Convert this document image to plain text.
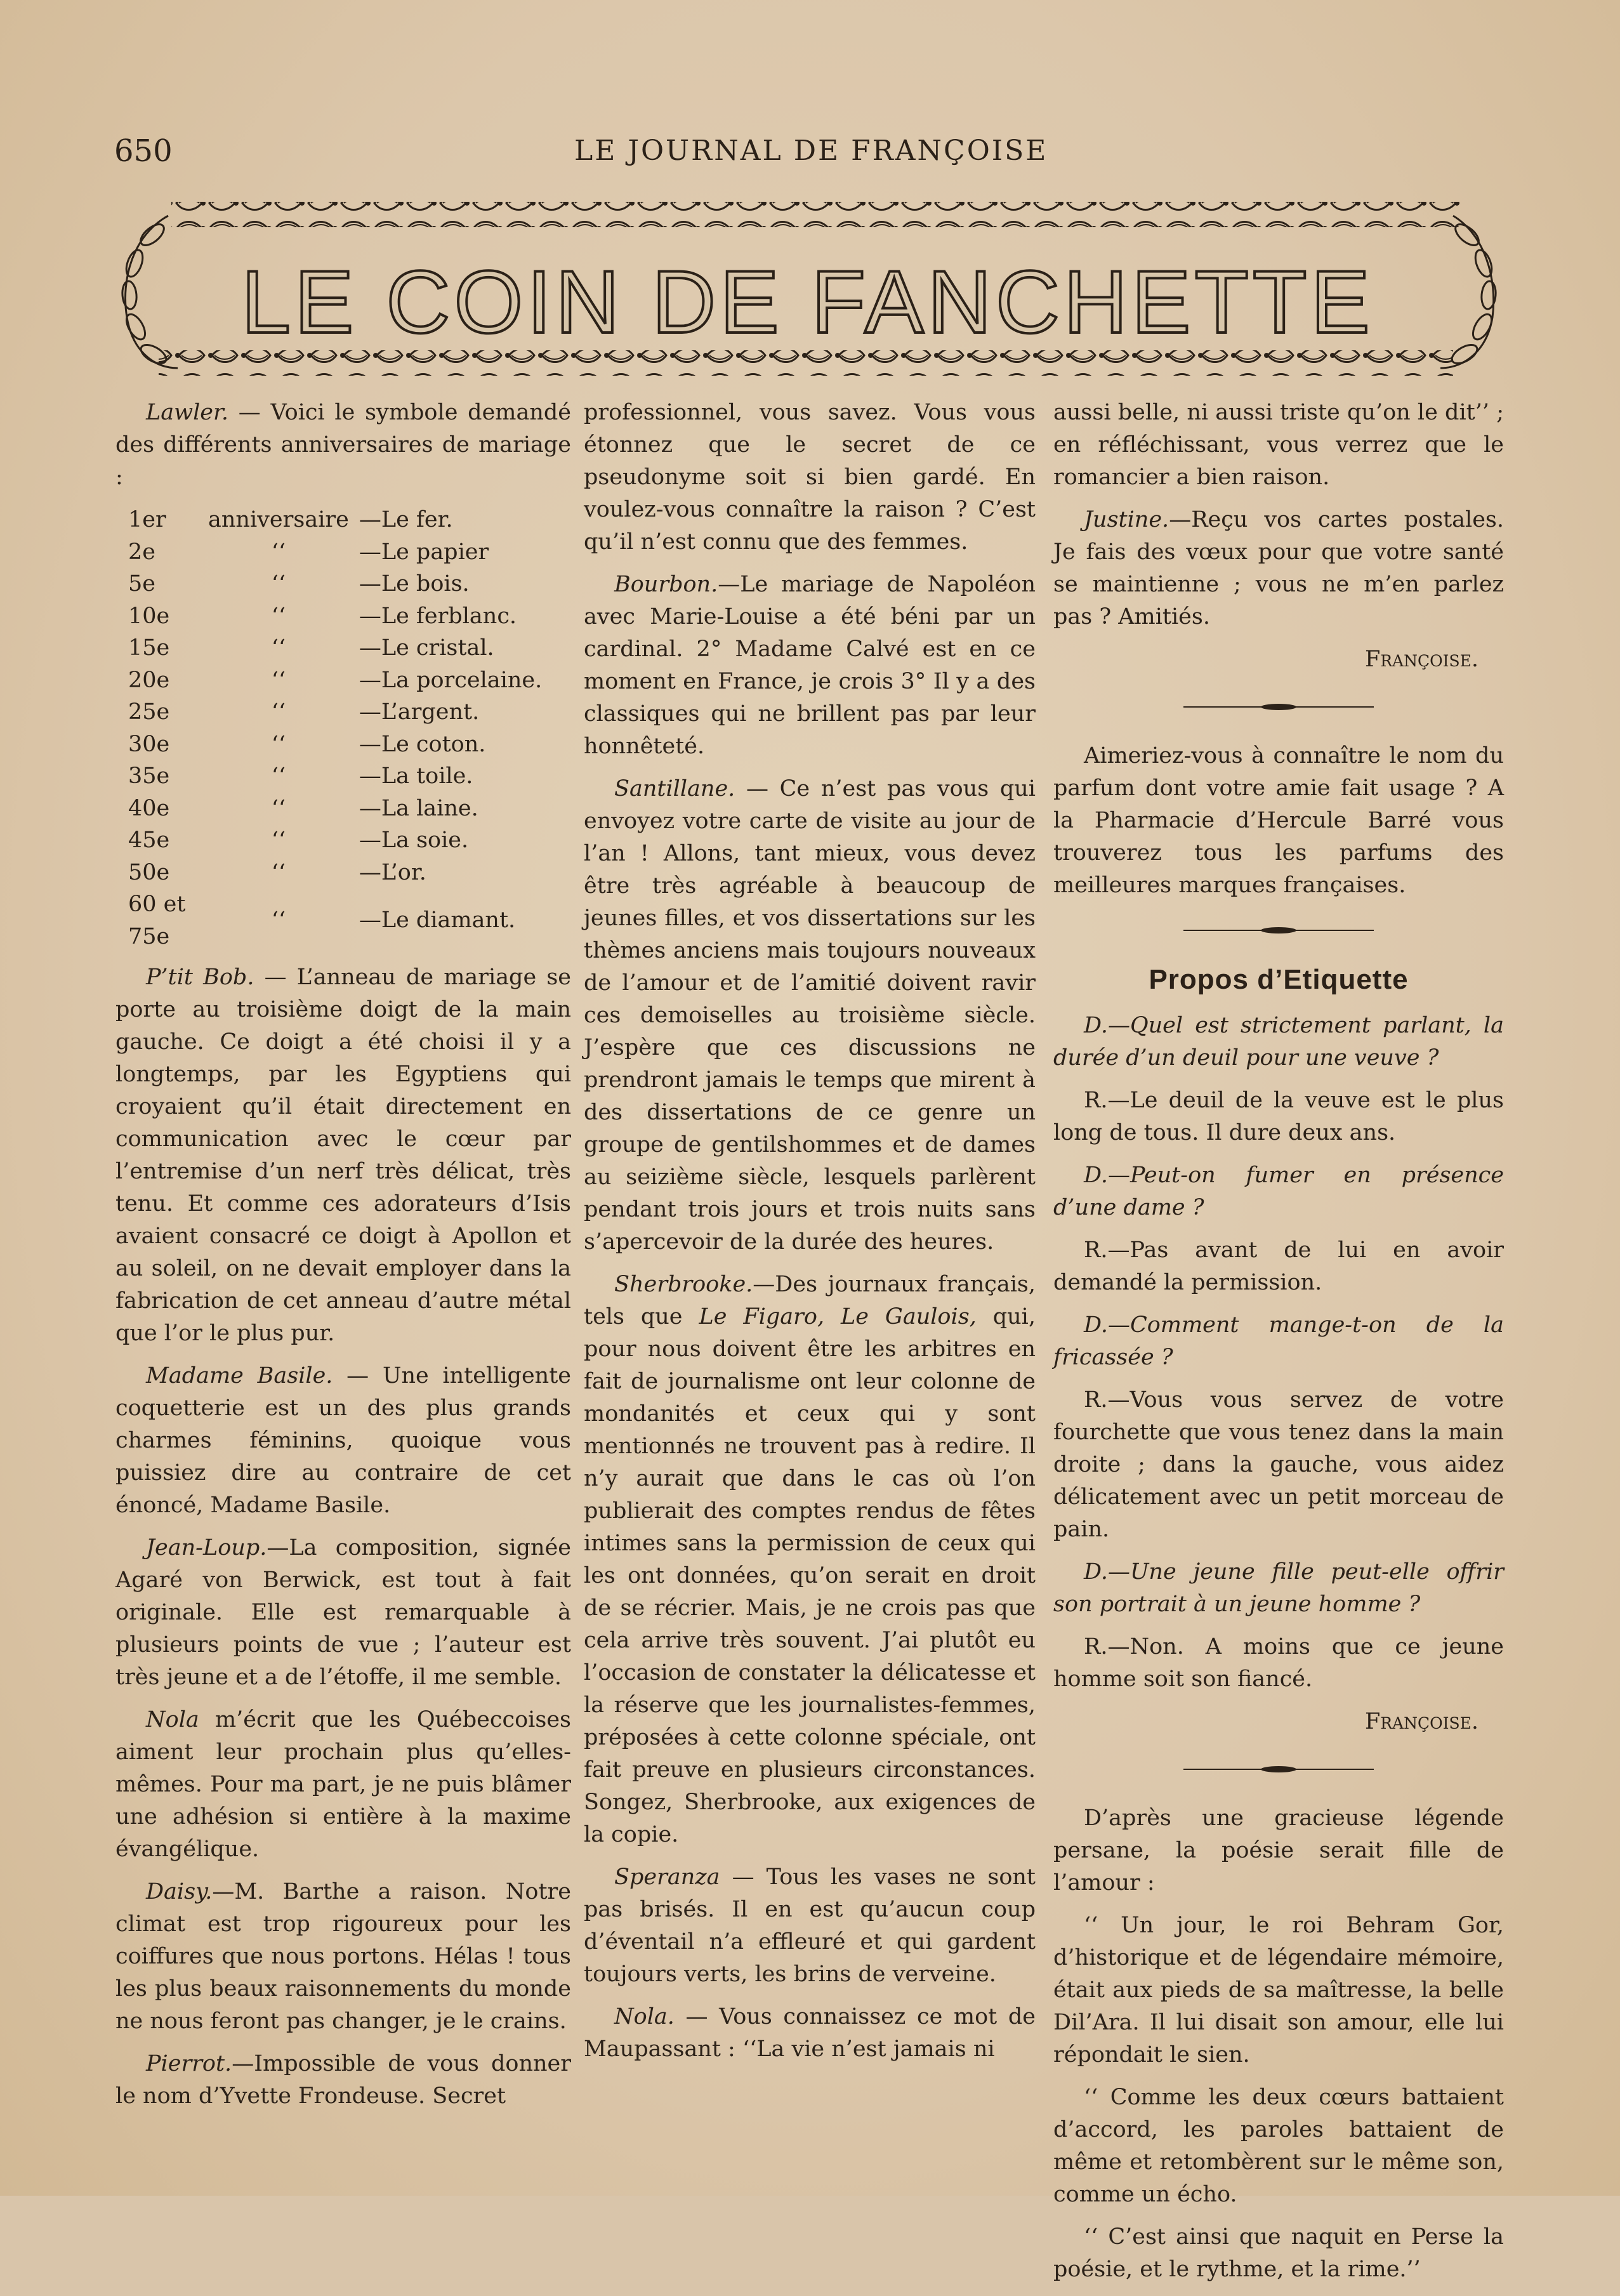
650	LE JOURNAL DE FRANÇOISE
LE COIN DE FANCHETTE

Lawler. — Voici le symbole demandé des différents anniversaires de mariage :

1er	anniversaire	—Le fer.
2e	‘‘	—Le papier
5e	‘‘	—Le bois.
10e	‘‘	—Le ferblanc.
15e	‘‘	—Le cristal.
20e	‘‘	—La porcelaine.
25e	‘‘	—L’argent.
30e	‘‘	—Le coton.
35e	‘‘	—La toile.
40e	‘‘	—La laine.
45e	‘‘	—La soie.
50e	‘‘	—L’or.
60 et 75e	‘‘	—Le diamant.

P’tit Bob. — L’anneau de mariage se porte au troisième doigt de la main gauche. Ce doigt a été choisi il y a longtemps, par les Egyptiens qui croyaient qu’il était directement en communication avec le cœur par l’entremise d’un nerf très délicat, très tenu. Et comme ces adorateurs d’Isis avaient consacré ce doigt à Apollon et au soleil, on ne devait employer dans la fabrication de cet anneau d’autre métal que l’or le plus pur.

Madame Basile. — Une intelligente coquetterie est un des plus grands charmes féminins, quoique vous puissiez dire au contraire de cet énoncé, Madame Basile.

Jean-Loup.—La composition, signée Agaré von Berwick, est tout à fait originale. Elle est remarquable à plusieurs points de vue ; l’auteur est très jeune et a de l’étoffe, il me semble.

Nola m’écrit que les Québeccoises aiment leur prochain plus qu’elles-mêmes. Pour ma part, je ne puis blâmer une adhésion si entière à la maxime évangélique.

Daisy.—M. Barthe a raison. Notre climat est trop rigoureux pour les coiffures que nous portons. Hélas ! tous les plus beaux raisonnements du monde ne nous feront pas changer, je le crains.

Pierrot.—Impossible de vous donner le nom d’Yvette Frondeuse. Secret

professionnel, vous savez. Vous vous étonnez que le secret de ce pseudonyme soit si bien gardé. En voulez-vous connaître la raison ? C’est qu’il n’est connu que des femmes.

Bourbon.—Le mariage de Napoléon avec Marie-Louise a été béni par un cardinal. 2° Madame Calvé est en ce moment en France, je crois 3° Il y a des classiques qui ne brillent pas par leur honnêteté.

Santillane. — Ce n’est pas vous qui envoyez votre carte de visite au jour de l’an ! Allons, tant mieux, vous devez être très agréable à beaucoup de jeunes filles, et vos dissertations sur les thèmes anciens mais toujours nouveaux de l’amour et de l’amitié doivent ravir ces demoiselles au troisième siècle. J’espère que ces discussions ne prendront jamais le temps que mirent à des dissertations de ce genre un groupe de gentilshommes et de dames au seizième siècle, lesquels parlèrent pendant trois jours et trois nuits sans s’apercevoir de la durée des heures.

Sherbrooke.—Des journaux français, tels que Le Figaro, Le Gaulois, qui, pour nous doivent être les arbitres en fait de journalisme ont leur colonne de mondanités et ceux qui y sont mentionnés ne trouvent pas à redire. Il n’y aurait que dans le cas où l’on publierait des comptes rendus de fêtes intimes sans la permission de ceux qui les ont données, qu’on serait en droit de se récrier. Mais, je ne crois pas que cela arrive très souvent. J’ai plutôt eu l’occasion de constater la délicatesse et la réserve que les journalistes-femmes, préposées à cette colonne spéciale, ont fait preuve en plusieurs circonstances. Songez, Sherbrooke, aux exigences de la copie.

Speranza — Tous les vases ne sont pas brisés. Il en est qu’aucun coup d’éventail n’a effleuré et qui gardent toujours verts, les brins de verveine.

Nola. — Vous connaissez ce mot de Maupassant : ‘‘La vie n’est jamais ni

aussi belle, ni aussi triste qu’on le dit’’ ; en réfléchissant, vous verrez que le romancier a bien raison.

Justine.—Reçu vos cartes postales. Je fais des vœux pour que votre santé se maintienne ; vous ne m’en parlez pas ? Amitiés.

Françoise.

Aimeriez-vous à connaître le nom du parfum dont votre amie fait usage ? A la Pharmacie d’Hercule Barré vous trouverez tous les parfums des meilleures marques françaises.

Propos d’Etiquette

D.—Quel est strictement parlant, la durée d’un deuil pour une veuve ?

R.—Le deuil de la veuve est le plus long de tous. Il dure deux ans.

D.—Peut-on fumer en présence d’une dame ?

R.—Pas avant de lui en avoir demandé la permission.

D.—Comment mange-t-on de la fricassée ?

R.—Vous vous servez de votre fourchette que vous tenez dans la main droite ; dans la gauche, vous aidez délicatement avec un petit morceau de pain.

D.—Une jeune fille peut-elle offrir son portrait à un jeune homme ?

R.—Non. A moins que ce jeune homme soit son fiancé.

Françoise.

D’après une gracieuse légende persane, la poésie serait fille de l’amour :

‘‘ Un jour, le roi Behram Gor, d’historique et de légendaire mémoire, était aux pieds de sa maîtresse, la belle Dil’Ara. Il lui disait son amour, elle lui répondait le sien.

‘‘ Comme les deux cœurs battaient d’accord, les paroles battaient de même et retombèrent sur le même son, comme un écho.

‘‘ C’est ainsi que naquit en Perse la poésie, et le rythme, et la rime.’’
